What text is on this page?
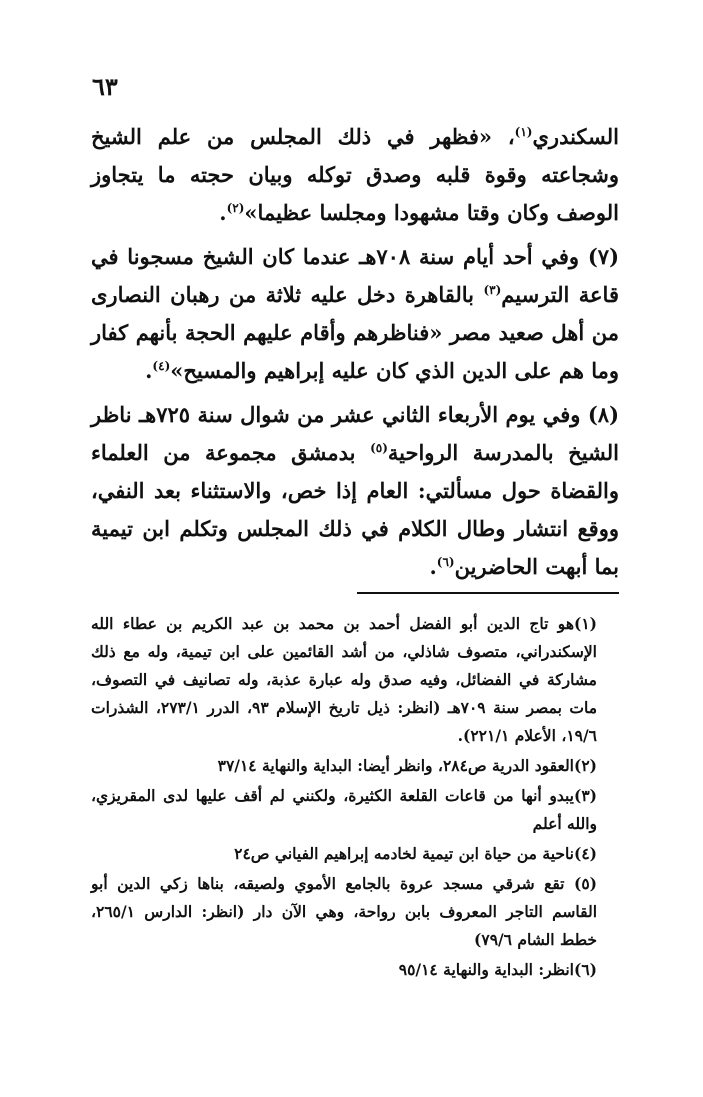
٦٣

السكندري$^{(١)}$، «فظهر في ذلك المجلس من علم الشيخ وشجاعته وقوة قلبه وصدق توكله وبيان حجته ما يتجاوز الوصف وكان وقتا مشهودا ومجلسا عظيما»$^{(٢)}$.

(٧) وفي أحد أيام سنة ٧٠٨هـ عندما كان الشيخ مسجونا في قاعة الترسيم$^{(٣)}$ بالقاهرة دخل عليه ثلاثة من رهبان النصارى من أهل صعيد مصر «فناظرهم وأقام عليهم الحجة بأنهم كفار وما هم على الدين الذي كان عليه إبراهيم والمسيح»$^{(٤)}$.

(٨) وفي يوم الأربعاء الثاني عشر من شوال سنة ٧٢٥هـ ناظر الشيخ بالمدرسة الرواحية$^{(٥)}$ بدمشق مجموعة من العلماء والقضاة حول مسألتي: العام إذا خص، والاستثناء بعد النفي، ووقع انتشار وطال الكلام في ذلك المجلس وتكلم ابن تيمية بما أبهت الحاضرين$^{(٦)}$.

(١)هو تاج الدين أبو الفضل أحمد بن محمد بن عبد الكريم بن عطاء الله الإسكندراني، متصوف شاذلي، من أشد القائمين على ابن تيمية، وله مع ذلك مشاركة في الفضائل، وفيه صدق وله عبارة عذبة، وله تصانيف في التصوف، مات بمصر سنة ٧٠٩هـ (انظر: ذيل تاريخ الإسلام ٩٣، الدرر ٢٧٣/١، الشذرات ١٩/٦، الأعلام ٢٢١/١).
(٢)العقود الدرية ص٢٨٤، وانظر أيضا: البداية والنهاية ٣٧/١٤
(٣)يبدو أنها من قاعات القلعة الكثيرة، ولكنني لم أقف عليها لدى المقريزي، والله أعلم
(٤)ناحية من حياة ابن تيمية لخادمه إبراهيم الفياني ص٢٤
(٥) تقع شرقي مسجد عروة بالجامع الأموي ولصيقه، بناها زكي الدين أبو القاسم التاجر المعروف بابن رواحة، وهي الآن دار (انظر: الدارس ٢٦٥/١، خطط الشام ٧٩/٦)
(٦)انظر: البداية والنهاية ٩٥/١٤
